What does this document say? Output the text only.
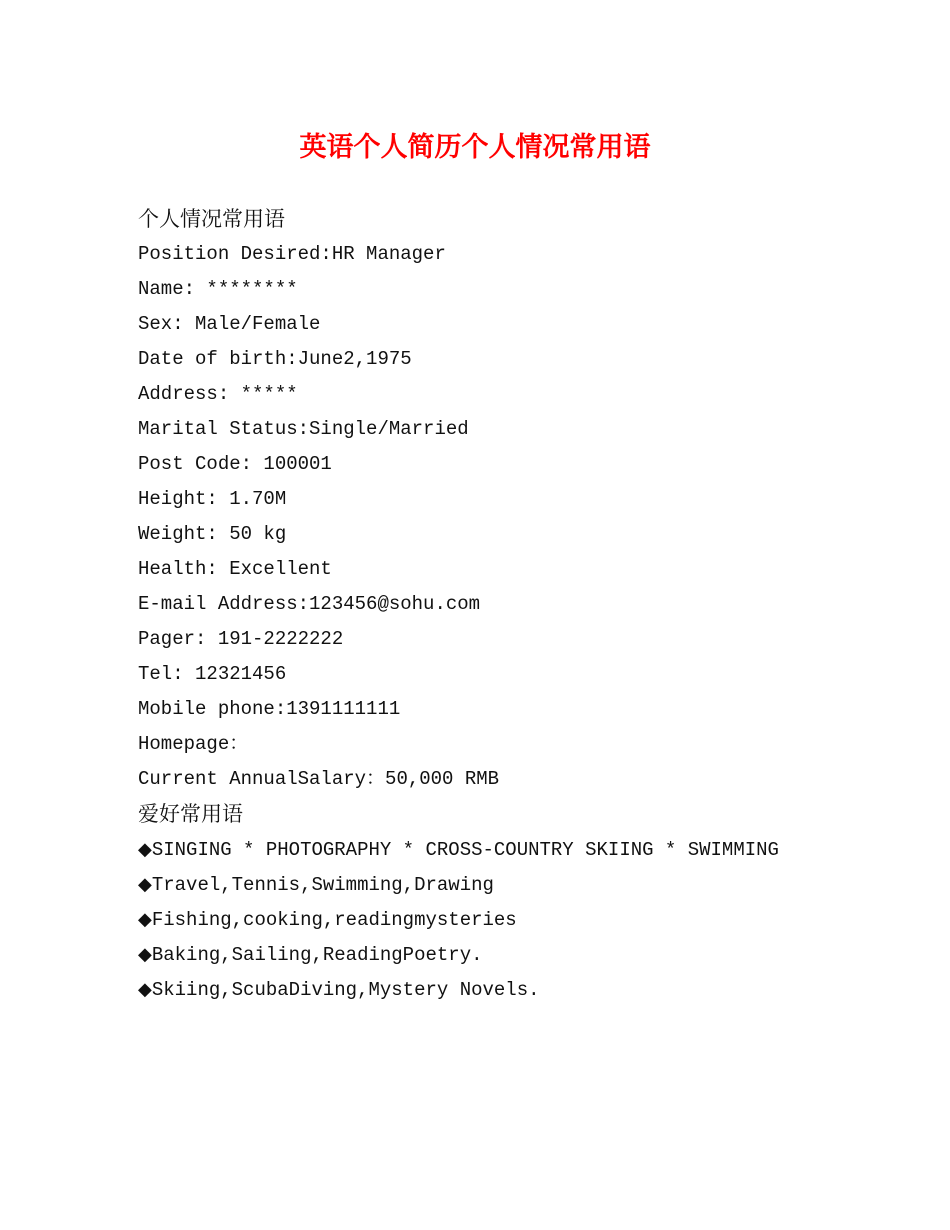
英语个人简历个人情况常用语
个人情况常用语
Position Desired:HR Manager
Name: ********
Sex: Male/Female
Date of birth:June2,1975
Address: *****
Marital Status:Single/Married
Post Code: 100001
Height: 1.70M
Weight: 50 kg
Health: Excellent
E-mail Address:123456@sohu.com
Pager: 191-2222222
Tel: 12321456
Mobile phone:1391111111
Homepage：
Current AnnualSalary：50,000 RMB
爱好常用语
◆SINGING * PHOTOGRAPHY * CROSS-COUNTRY SKIING * SWIMMING
◆Travel,Tennis,Swimming,Drawing
◆Fishing,cooking,readingmysteries
◆Baking,Sailing,ReadingPoetry.
◆Skiing,ScubaDiving,Mystery Novels.
